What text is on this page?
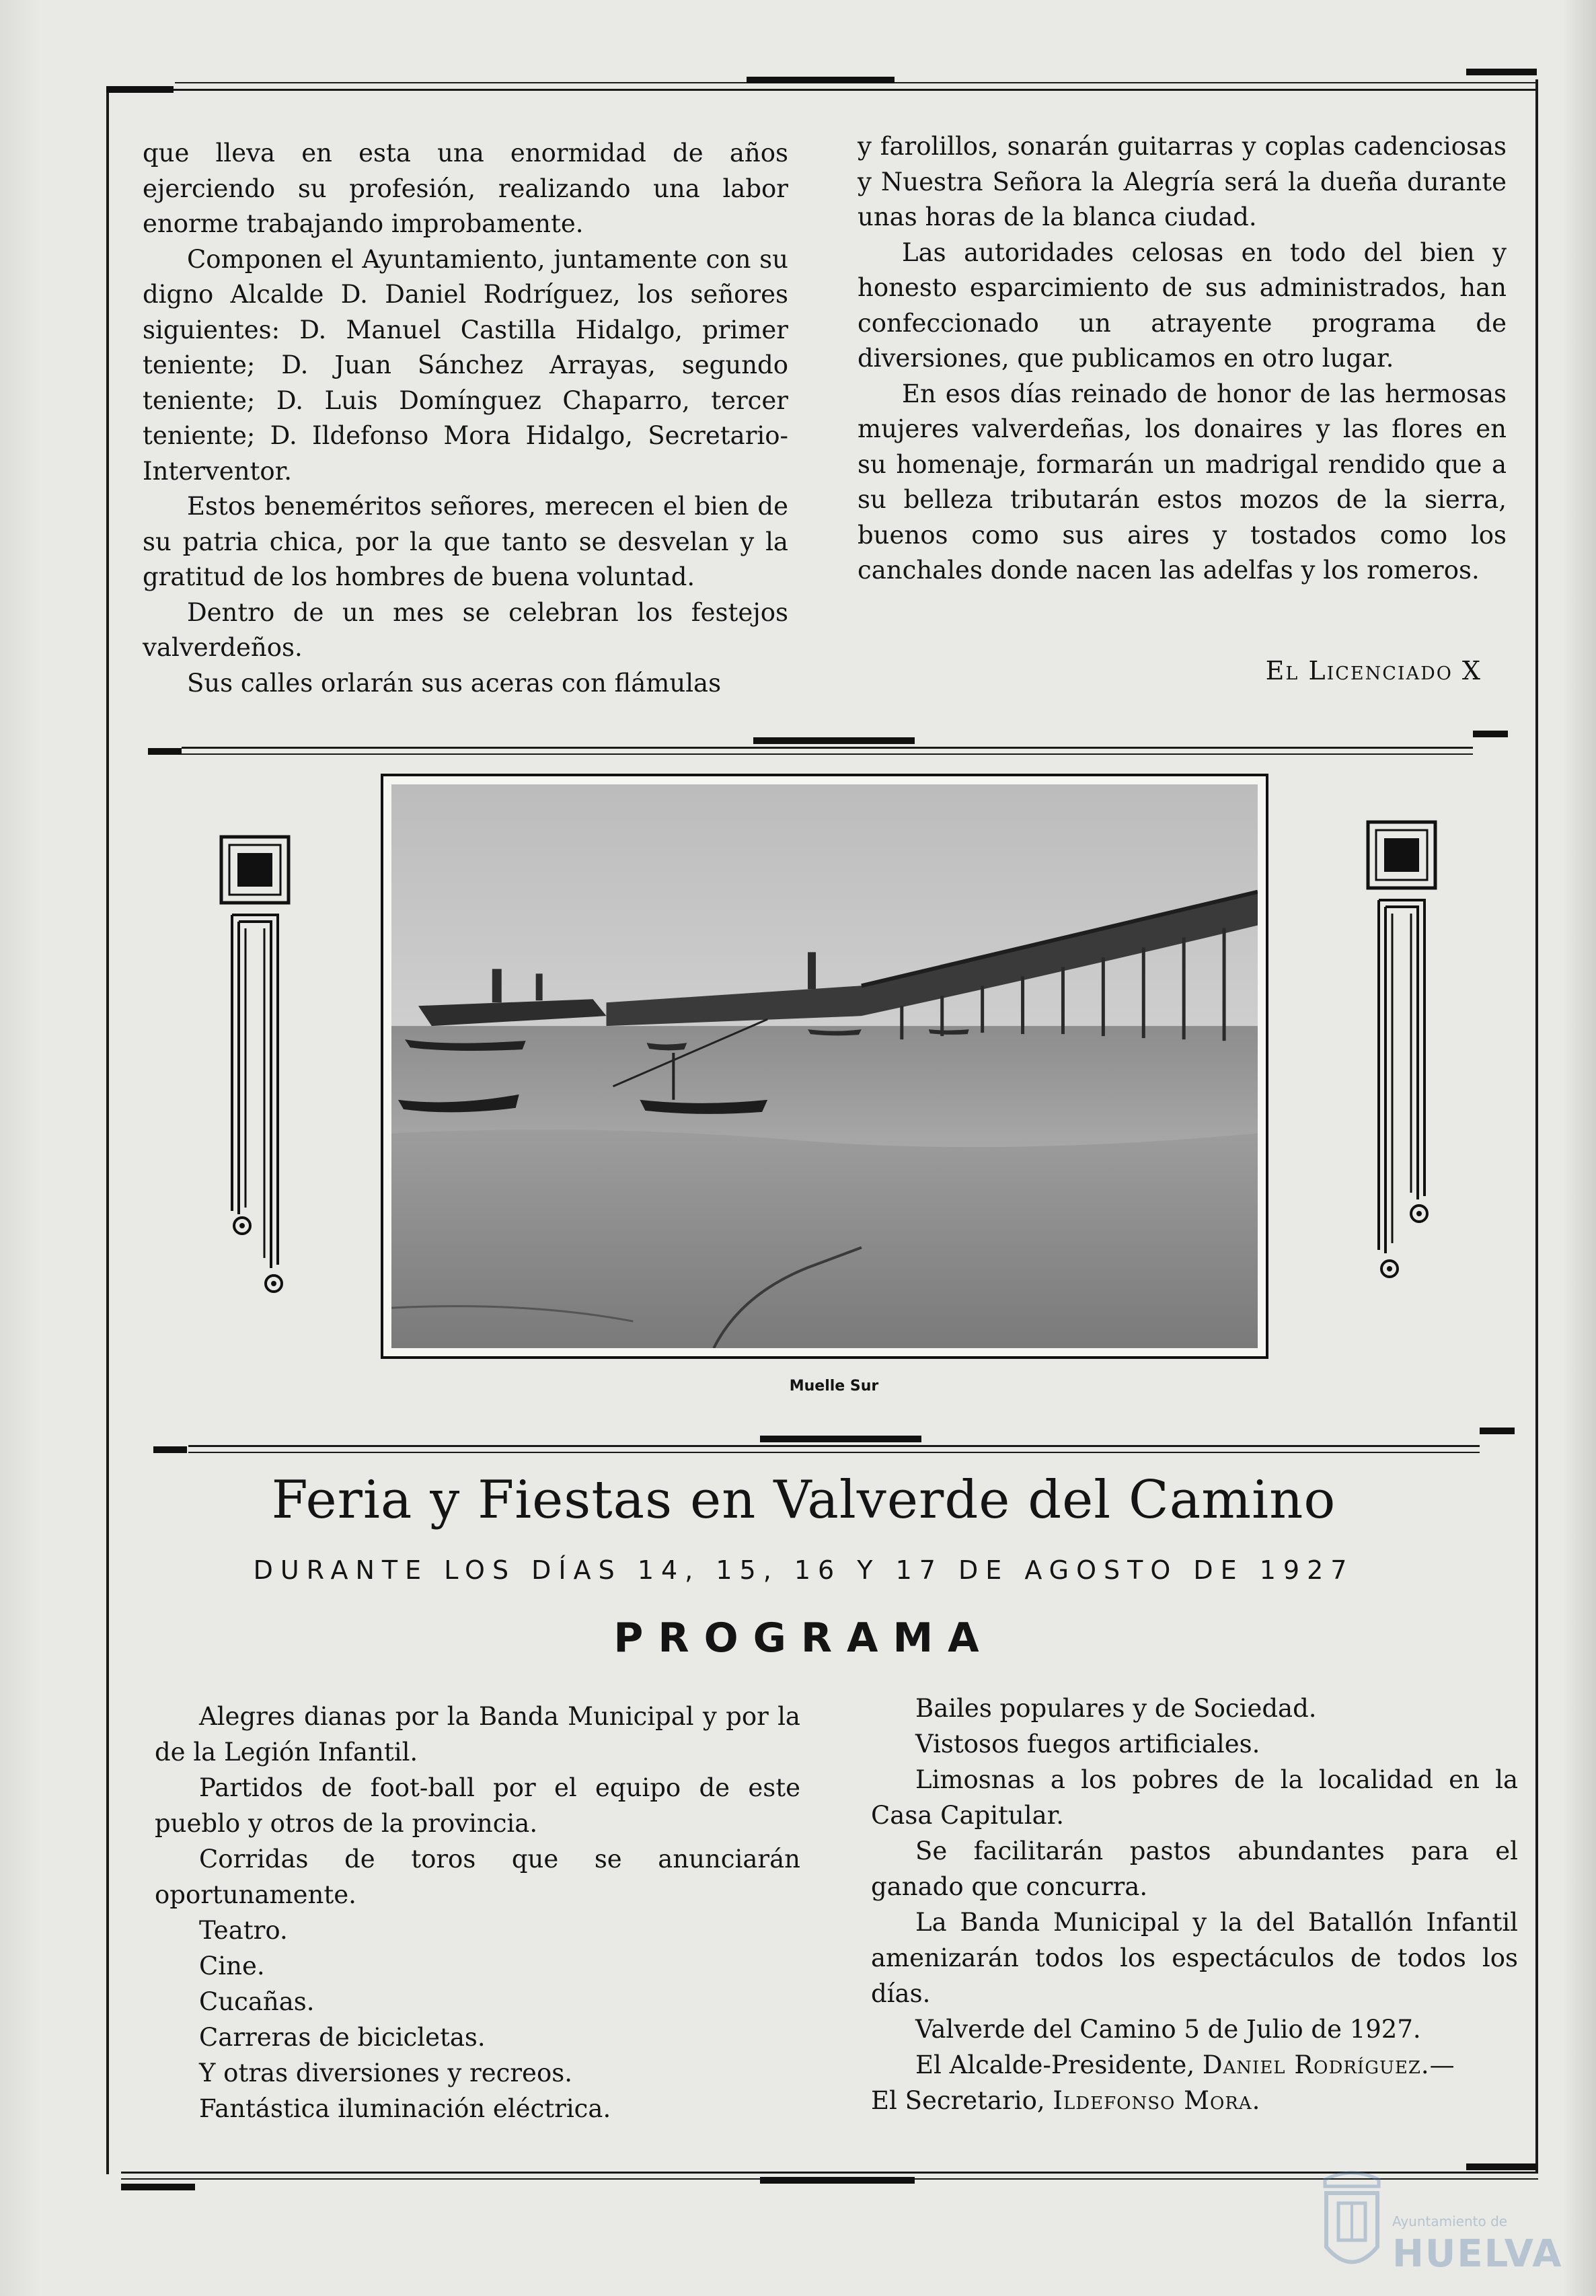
que lleva en esta una enormidad de años ejerciendo su profesión, realizando una labor enorme trabajando improbamente.

Componen el Ayuntamiento, juntamente con su digno Alcalde D. Daniel Rodríguez, los señores siguientes: D. Manuel Castilla Hidalgo, primer teniente; D. Juan Sánchez Arrayas, segundo teniente; D. Luis Domínguez Chaparro, tercer teniente; D. Ildefonso Mora Hidalgo, Secretario-Interventor.

Estos beneméritos señores, merecen el bien de su patria chica, por la que tanto se desvelan y la gratitud de los hombres de buena voluntad.

Dentro de un mes se celebran los festejos valverdeños.

Sus calles orlarán sus aceras con flámulas

y farolillos, sonarán guitarras y coplas cadenciosas y Nuestra Señora la Alegría será la dueña durante unas horas de la blanca ciudad.

Las autoridades celosas en todo del bien y honesto esparcimiento de sus administrados, han confeccionado un atrayente programa de diversiones, que publicamos en otro lugar.

En esos días reinado de honor de las hermosas mujeres valverdeñas, los donaires y las flores en su homenaje, formarán un madrigal rendido que a su belleza tributarán estos mozos de la sierra, buenos como sus aires y tostados como los canchales donde nacen las adelfas y los romeros.

El Licenciado X
Muelle Sur
Feria y Fiestas en Valverde del Camino
DURANTE LOS DÍAS 14, 15, 16 Y 17 DE AGOSTO DE 1927
PROGRAMA

Alegres dianas por la Banda Municipal y por la de la Legión Infantil.

Partidos de foot-ball por el equipo de este pueblo y otros de la provincia.

Corridas de toros que se anunciarán oportunamente.

Teatro.

Cine.

Cucañas.

Carreras de bicicletas.

Y otras diversiones y recreos.

Fantástica iluminación eléctrica.

Bailes populares y de Sociedad.

Vistosos fuegos artificiales.

Limosnas a los pobres de la localidad en la Casa Capitular.

Se facilitarán pastos abundantes para el ganado que concurra.

La Banda Municipal y la del Batallón Infantil amenizarán todos los espectáculos de todos los días.

Valverde del Camino 5 de Julio de 1927.

El Alcalde-Presidente, Daniel Rodríguez.—

El Secretario, Ildefonso Mora.

Ayuntamiento de
HUELVA
